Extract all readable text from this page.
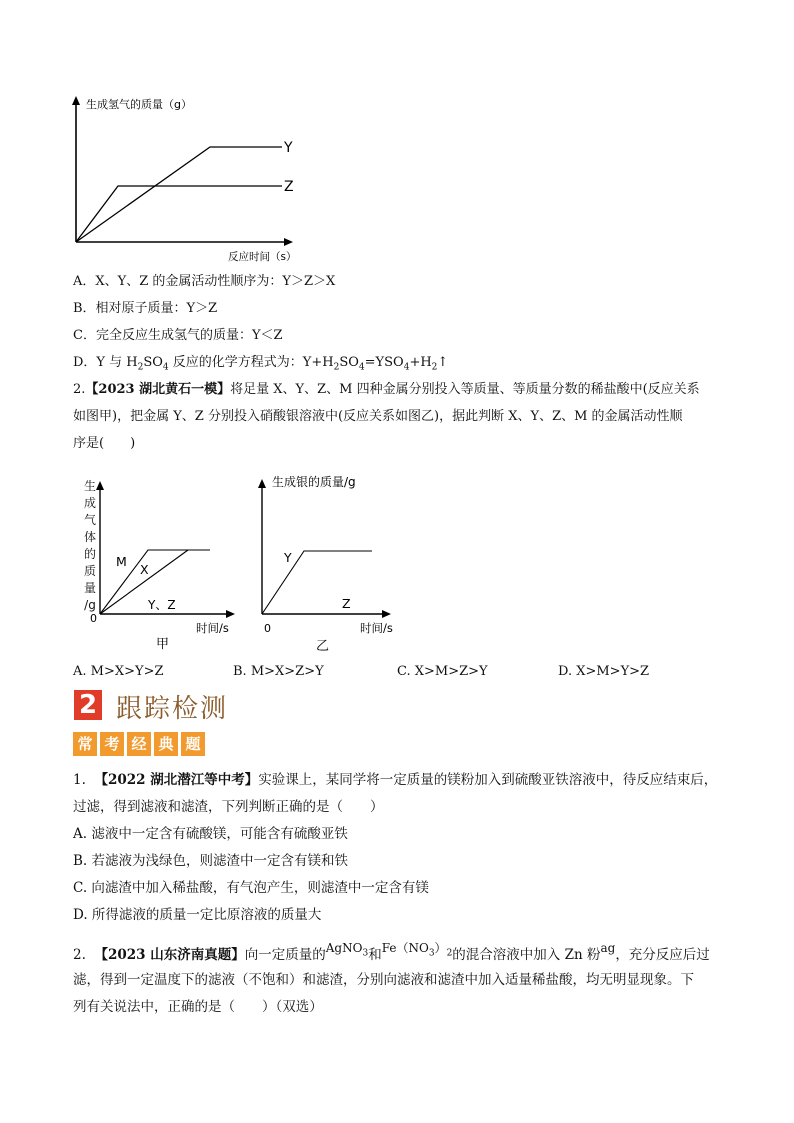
生成氢气的质量（g）
反应时间（s）
Y
Z
A．X、Y、Z 的金属活动性顺序为：Y＞Z＞X
B．相对原子质量：Y＞Z
C．完全反应生成氢气的质量：Y＜Z
D．Y 与 $H_2SO_4$ 反应的化学方程式为：$Y+H_2SO_4=YSO_4+H_2↑$
2.【2023 湖北黄石一模】将足量 X、Y、Z、M 四种金属分别投入等质量、等质量分数的稀盐酸中(反应关系
如图甲)，把金属 Y、Z 分别投入硝酸银溶液中(反应关系如图乙)，据此判断 X、Y、Z、M 的金属活动性顺
序是(　　)
生
成
气
体
的
质
量
/g
M
X
Y、Z
0
时间/s
甲
生成银的质量/g
Y
Z
0	时间/s
乙
A. M>X>Y>Z	B. M>X>Z>Y	C. X>M>Z>Y	D. X>M>Y>Z
2 跟踪检测
常 考 经 典 题
1. 【2022 湖北潜江等中考】实验课上，某同学将一定质量的镁粉加入到硫酸亚铁溶液中，待反应结束后，
过滤，得到滤液和滤渣，下列判断正确的是（　　）
A. 滤液中一定含有硫酸镁，可能含有硫酸亚铁
B. 若滤液为浅绿色，则滤渣中一定含有镁和铁
C. 向滤渣中加入稀盐酸，有气泡产生，则滤渣中一定含有镁
D. 所得滤液的质量一定比原溶液的质量大
2. 【2023 山东济南真题】向一定质量的AgNO$_3$和$Fe(NO_3)_2$的混合溶液中加入 Zn 粉ag，充分反应后过
滤，得到一定温度下的滤液（不饱和）和滤渣，分别向滤液和滤渣中加入适量稀盐酸，均无明显现象。下
列有关说法中，正确的是（　　）（双选）
